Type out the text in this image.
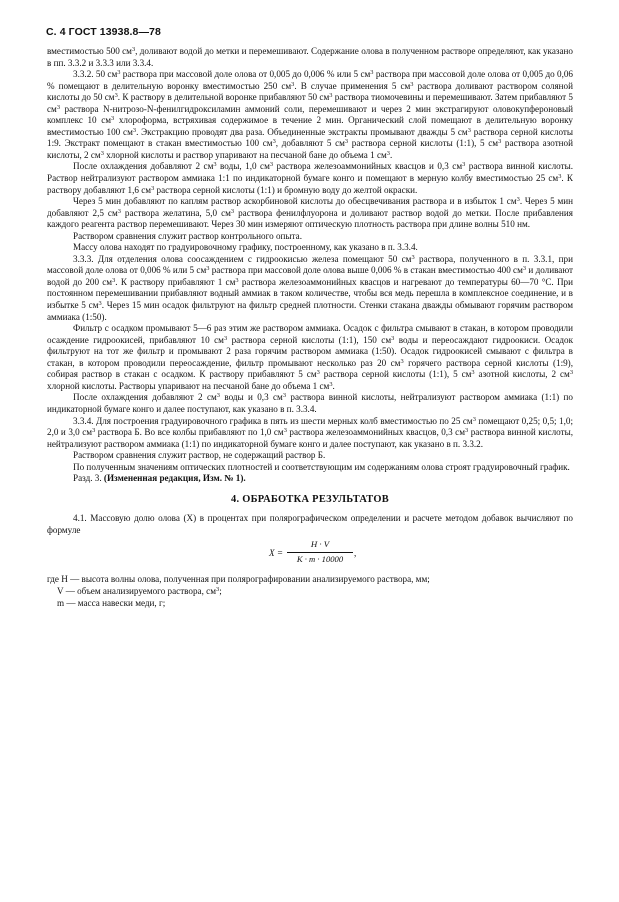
С. 4 ГОСТ 13938.8—78

вместимостью 500 $см^3$, доливают водой до метки и перемешивают. Содержание олова в полученном растворе определяют, как указано в пп. 3.3.2 и 3.3.3 или 3.3.4.

3.3.2. 50 $см^3$ раствора при массовой доле олова от 0,005 до 0,006 % или 5 $см^3$ раствора при массовой доле олова от 0,005 до 0,06 % помещают в делительную воронку вместимостью 250 $см^3$. В случае применения 5 $см^3$ раствора доливают раствором соляной кислоты до 50 $см^3$. К раствору в делительной воронке прибавляют 50 $см^3$ раствора тиомочевины и перемешивают. Затем прибавляют 5 $см^3$ раствора N-нитрозо-N-фенилгидроксиламин аммоний соли, перемешивают и через 2 мин экстрагируют оловокупфероновый комплекс 10 $см^3$ хлороформа, встряхивая содержимое в течение 2 мин. Органический слой помещают в делительную воронку вместимостью 100 $см^3$. Экстракцию проводят два раза. Объединенные экстракты промывают дважды 5 $см^3$ раствора серной кислоты 1:9. Экстракт помещают в стакан вместимостью 100 $см^3$, добавляют 5 $см^3$ раствора серной кислоты (1:1), 5 $см^3$ раствора азотной кислоты, 2 $см^3$ хлорной кислоты и раствор упаривают на песчаной бане до объема 1 $см^3$.

После охлаждения добавляют 2 $см^3$ воды, 1,0 $см^3$ раствора железоаммонийных квасцов и 0,3 $см^3$ раствора винной кислоты. Раствор нейтрализуют раствором аммиака 1:1 по индикаторной бумаге конго и помещают в мерную колбу вместимостью 25 $см^3$. К раствору добавляют 1,6 $см^3$ раствора серной кислоты (1:1) и бромную воду до желтой окраски.

Через 5 мин добавляют по каплям раствор аскорбиновой кислоты до обесцвечивания раствора и в избыток 1 $см^3$. Через 5 мин добавляют 2,5 $см^3$ раствора желатина, 5,0 $см^3$ раствора фенилфлуорона и доливают раствор водой до метки. После прибавления каждого реагента раствор перемешивают. Через 30 мин измеряют оптическую плотность раствора при длине волны 510 нм.

Раствором сравнения служит раствор контрольного опыта.

Массу олова находят по градуировочному графику, построенному, как указано в п. 3.3.4.

3.3.3. Для отделения олова соосаждением с гидроокисью железа помещают 50 $см^3$ раствора, полученного в п. 3.3.1, при массовой доле олова от 0,006 % или 5 $см^3$ раствора при массовой доле олова выше 0,006 % в стакан вместимостью 400 $см^3$ и доливают водой до 200 $см^3$. К раствору прибавляют 1 $см^3$ раствора железоаммонийных квасцов и нагревают до температуры 60—70 °С. При постоянном перемешивании прибавляют водный аммиак в таком количестве, чтобы вся медь перешла в комплексное соединение, и в избытке 5 $см^3$. Через 15 мин осадок фильтруют на фильтр средней плотности. Стенки стакана дважды обмывают горячим раствором аммиака (1:50).

Фильтр с осадком промывают 5—6 раз этим же раствором аммиака. Осадок с фильтра смывают в стакан, в котором проводили осаждение гидроокисей, прибавляют 10 $см^3$ раствора серной кислоты (1:1), 150 $см^3$ воды и переосаждают гидроокиси. Осадок фильтруют на тот же фильтр и промывают 2 раза горячим раствором аммиака (1:50). Осадок гидроокисей смывают с фильтра в стакан, в котором проводили переосаждение, фильтр промывают несколько раз 20 $см^3$ горячего раствора серной кислоты (1:9), собирая раствор в стакан с осадком. К раствору прибавляют 5 $см^3$ раствора серной кислоты (1:1), 5 $см^3$ азотной кислоты, 2 $см^3$ хлорной кислоты. Растворы упаривают на песчаной бане до объема 1 $см^3$.

После охлаждения добавляют 2 $см^3$ воды и 0,3 $см^3$ раствора винной кислоты, нейтрализуют раствором аммиака (1:1) по индикаторной бумаге конго и далее поступают, как указано в п. 3.3.4.

3.3.4. Для построения градуировочного графика в пять из шести мерных колб вместимостью по 25 $см^3$ помещают 0,25; 0,5; 1,0; 2,0 и 3,0 $см^3$ раствора Б. Во все колбы прибавляют по 1,0 $см^3$ раствора железоаммонийных квасцов, 0,3 $см^3$ раствора винной кислоты, нейтрализуют раствором аммиака (1:1) по индикаторной бумаге конго и далее поступают, как указано в п. 3.3.2.

Раствором сравнения служит раствор, не содержащий раствор Б.

По полученным значениям оптических плотностей и соответствующим им содержаниям олова строят градуировочный график.

Разд. 3. (Измененная редакция, Изм. № 1).

4. ОБРАБОТКА РЕЗУЛЬТАТОВ

4.1. Массовую долю олова (X) в процентах при полярографическом определении и расчете методом добавок вычисляют по формуле

$X = \frac{H \cdot V}{K \cdot m \cdot 10000}$ ,

где H — высота волны олова, полученная при полярографировании анализируемого раствора, мм;

V — объем анализируемого раствора, $см^3$;

m — масса навески меди, г;
